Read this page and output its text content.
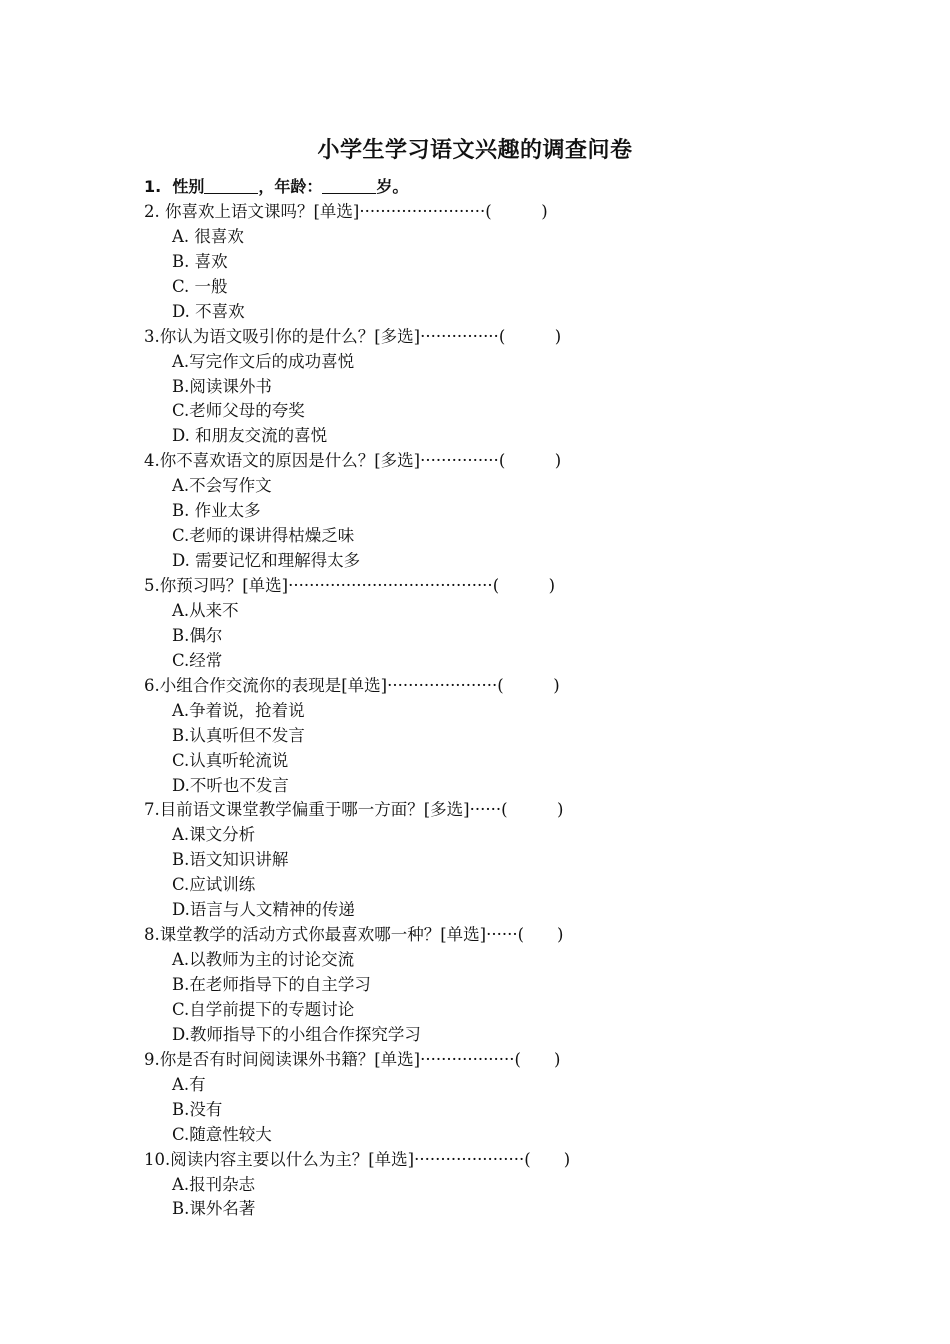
小学生学习语文兴趣的调查问卷
1. 性别	，年龄：	岁。
2. 你喜欢上语文课吗？[单选]························(　　　)
A. 很喜欢
B. 喜欢
C. 一般
D. 不喜欢
3.你认为语文吸引你的是什么？[多选]···············(　　　)
A.写完作文后的成功喜悦
B.阅读课外书
C.老师父母的夸奖
D. 和朋友交流的喜悦
4.你不喜欢语文的原因是什么？[多选]···············(　　　)
A.不会写作文
B. 作业太多
C.老师的课讲得枯燥乏味
D. 需要记忆和理解得太多
5.你预习吗？[单选]·······································(　　　)
A.从来不
B.偶尔
C.经常
6.小组合作交流你的表现是[单选]·····················(　　　)
A.争着说，抢着说
B.认真听但不发言
C.认真听轮流说
D.不听也不发言
7.目前语文课堂教学偏重于哪一方面？[多选]······(　　　)
A.课文分析
B.语文知识讲解
C.应试训练
D.语言与人文精神的传递
8.课堂教学的活动方式你最喜欢哪一种？[单选]······(　　)
A.以教师为主的讨论交流
B.在老师指导下的自主学习
C.自学前提下的专题讨论
D.教师指导下的小组合作探究学习
9.你是否有时间阅读课外书籍？[单选]··················(　　)
A.有
B.没有
C.随意性较大
10.阅读内容主要以什么为主？[单选]·····················(　　)
A.报刊杂志
B.课外名著
